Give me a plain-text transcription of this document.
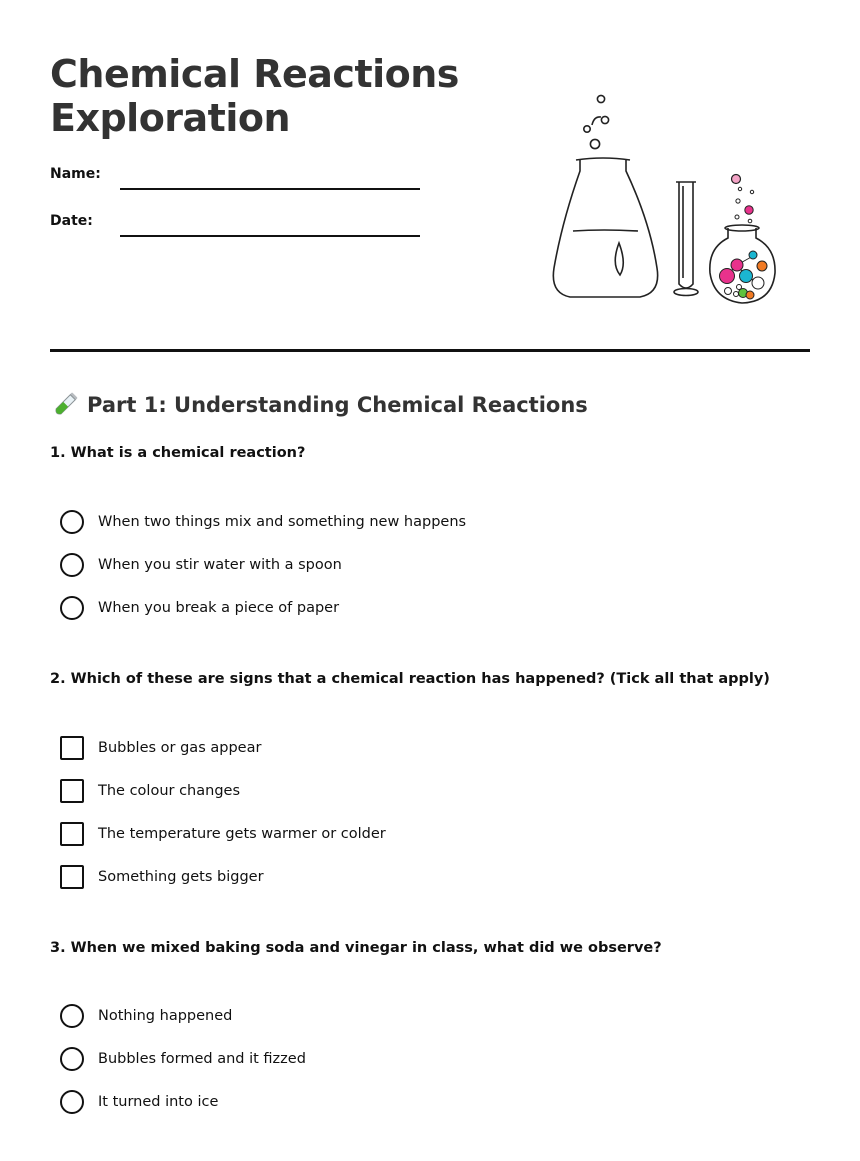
Chemical Reactions
Exploration
Name:
Date:
Part 1: Understanding Chemical Reactions

1. What is a chemical reaction?

When two things mix and something new happens
When you stir water with a spoon
When you break a piece of paper

2. Which of these are signs that a chemical reaction has happened? (Tick all that apply)

Bubbles or gas appear
The colour changes
The temperature gets warmer or colder
Something gets bigger

3. When we mixed baking soda and vinegar in class, what did we observe?

Nothing happened
Bubbles formed and it fizzed
It turned into ice
